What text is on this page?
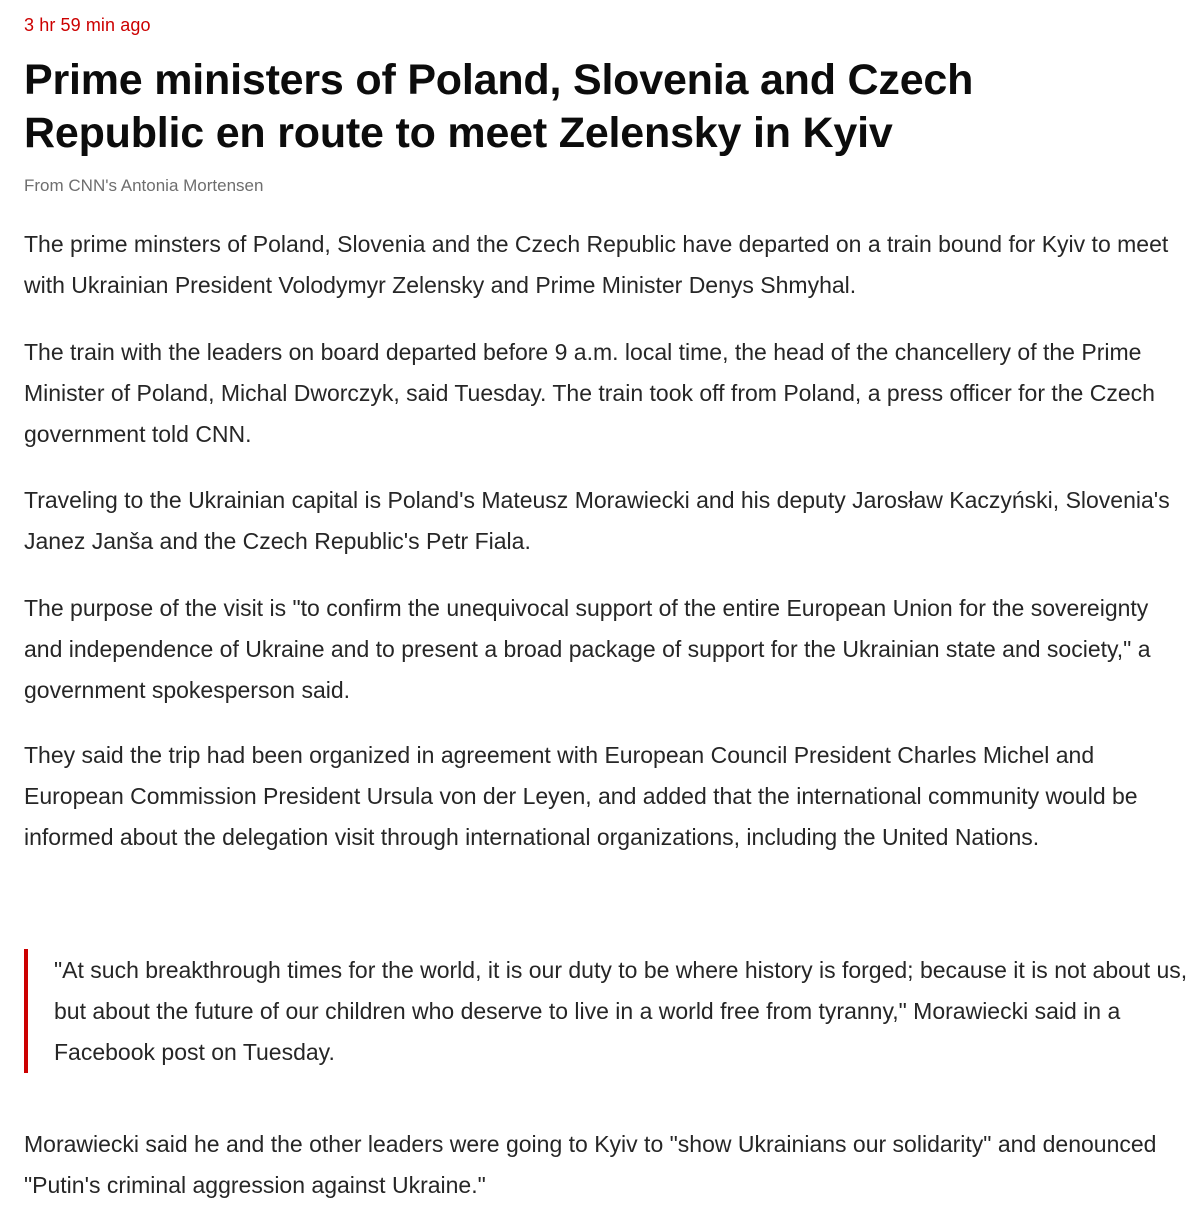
3 hr 59 min ago
Prime ministers of Poland, Slovenia and Czech Republic en route to meet Zelensky in Kyiv
From CNN's Antonia Mortensen

The prime minsters of Poland, Slovenia and the Czech Republic have departed on a train bound for Kyiv to meet with Ukrainian President Volodymyr Zelensky and Prime Minister Denys Shmyhal.

The train with the leaders on board departed before 9 a.m. local time, the head of the chancellery of the Prime Minister of Poland, Michal Dworczyk, said Tuesday. The train took off from Poland, a press officer for the Czech government told CNN.

Traveling to the Ukrainian capital is Poland's Mateusz Morawiecki and his deputy Jarosław Kaczyński, Slovenia's Janez Janša and the Czech Republic's Petr Fiala.

The purpose of the visit is "to confirm the unequivocal support of the entire European Union for the sovereignty and independence of Ukraine and to present a broad package of support for the Ukrainian state and society," a government spokesperson said.

They said the trip had been organized in agreement with European Council President Charles Michel and European Commission President Ursula von der Leyen, and added that the international community would be informed about the delegation visit through international organizations, including the United Nations.

"At such breakthrough times for the world, it is our duty to be where history is forged; because it is not about us, but about the future of our children who deserve to live in a world free from tyranny," Morawiecki said in a Facebook post on Tuesday.

Morawiecki said he and the other leaders were going to Kyiv to "show Ukrainians our solidarity" and denounced "Putin's criminal aggression against Ukraine."
